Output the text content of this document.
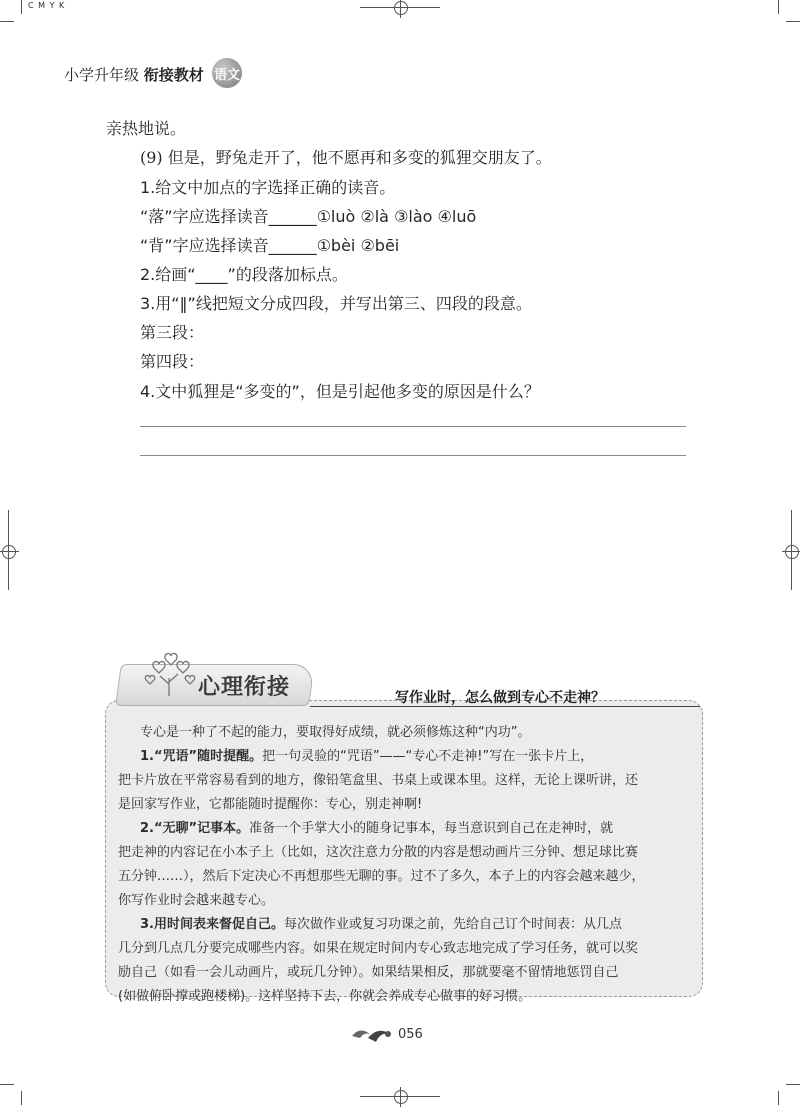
C M Y K
小学升年级 衔接教材 语文
亲热地说。
(9) 但是，野兔走开了，他不愿再和多变的狐狸交朋友了。
1.给文中加点的字选择正确的读音。
“落”字应选择读音______①luò ②là ③lào ④luō
“背”字应选择读音______①bèi ②bēi
2.给画“____”的段落加标点。
3.用“‖”线把短文分成四段，并写出第三、四段的段意。
第三段：
第四段：
4.文中狐狸是“多变的”，但是引起他多变的原因是什么？
心理衔接	写作业时，怎么做到专心不走神？
专心是一种了不起的能力，要取得好成绩，就必须修炼这种“内功”。
1.“咒语”随时提醒。把一句灵验的“咒语”——“专心不走神!”写在一张卡片上，
把卡片放在平常容易看到的地方，像铅笔盒里、书桌上或课本里。这样，无论上课听讲，还
是回家写作业，它都能随时提醒你：专心，别走神啊!
2.“无聊”记事本。准备一个手掌大小的随身记事本，每当意识到自己在走神时，就
把走神的内容记在小本子上（比如，这次注意力分散的内容是想动画片三分钟、想足球比赛
五分钟……），然后下定决心不再想那些无聊的事。过不了多久，本子上的内容会越来越少，
你写作业时会越来越专心。
3.用时间表来督促自己。每次做作业或复习功课之前，先给自己订个时间表：从几点
几分到几点几分要完成哪些内容。如果在规定时间内专心致志地完成了学习任务，就可以奖
励自己（如看一会儿动画片，或玩几分钟）。如果结果相反，那就要毫不留情地惩罚自己
(如做俯卧撑或跑楼梯)。这样坚持下去，你就会养成专心做事的好习惯。
056
